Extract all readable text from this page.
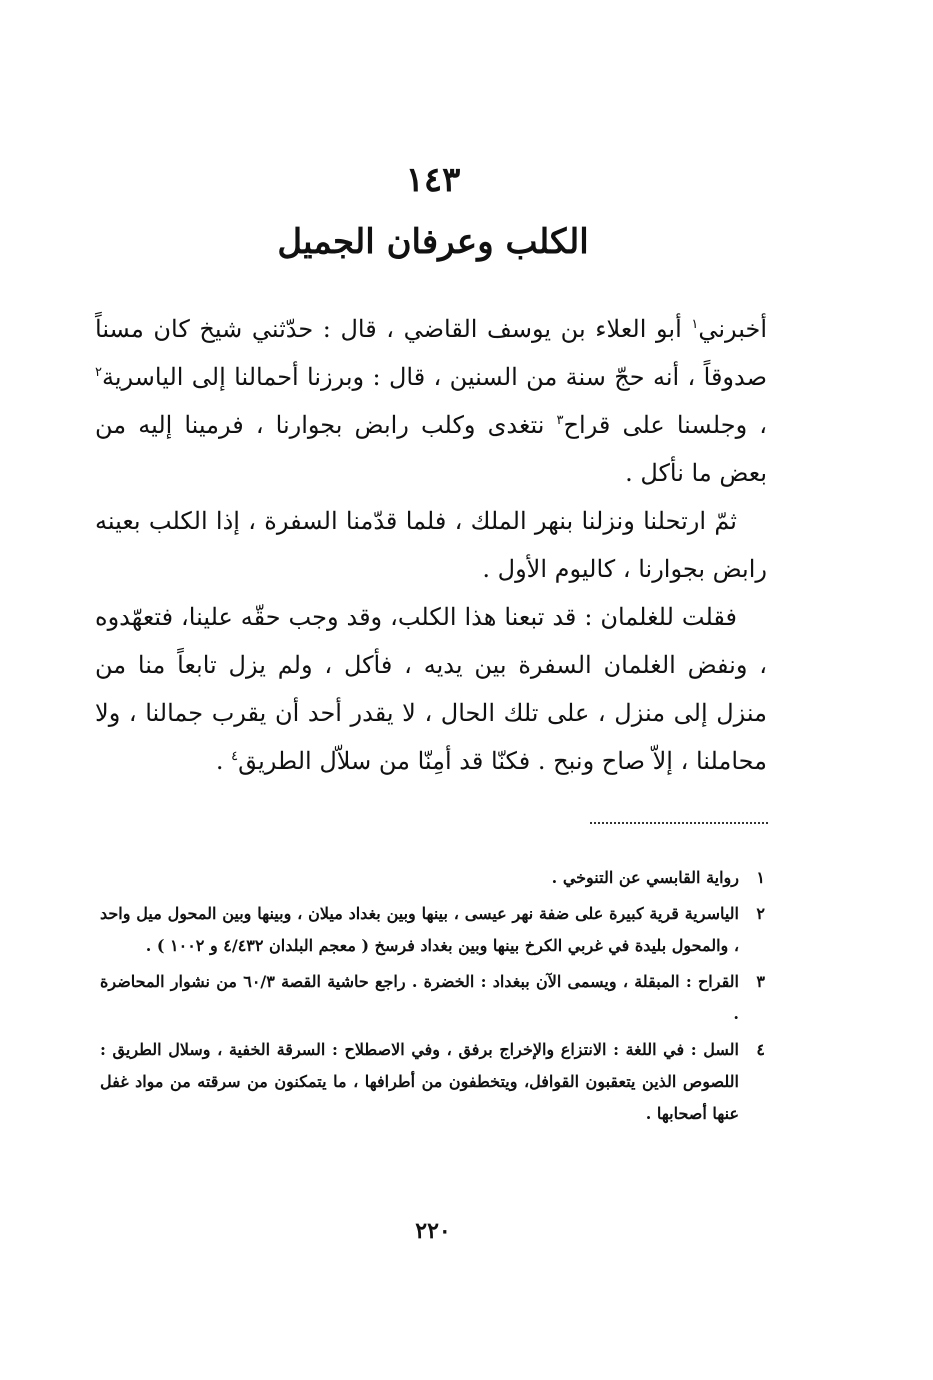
١٤٣
الكلب وعرفان الجميل

أخبرني$^١$ أبو العلاء بن يوسف القاضي ، قال : حدّثني شيخ كان مسناً صدوقاً ، أنه حجّ سنة من السنين ، قال : وبرزنا أحمالنا إلى الياسرية$^٢$ ، وجلسنا على قراح$^٣$ نتغدى وكلب رابض بجوارنا ، فرمينا إليه من بعض ما نأكل .

ثمّ ارتحلنا ونزلنا بنهر الملك ، فلما قدّمنا السفرة ، إذا الكلب بعينه رابض بجوارنا ، كاليوم الأول .

فقلت للغلمان : قد تبعنا هذا الكلب، وقد وجب حقّه علينا، فتعهّدوه ، ونفض الغلمان السفرة بين يديه ، فأكل ، ولم يزل تابعاً منا من منزل إلى منزل ، على تلك الحال ، لا يقدر أحد أن يقرب جمالنا ، ولا محاملنا ، إلاّ صاح ونبح . فكنّا قد أمِنّا من سلاّل الطريق$^٤$ .

١
رواية القابسي عن التنوخي .
٢
الياسرية قرية كبيرة على ضفة نهر عيسى ، بينها وبين بغداد ميلان ، وبينها وبين المحول ميل واحد ، والمحول بليدة في غربي الكرخ بينها وبين بغداد فرسخ ( معجم البلدان ٤/٤٣٢ و ١٠٠٢ ) .
٣
القراح : المبقلة ، ويسمى الآن ببغداد : الخضرة . راجع حاشية القصة ٦٠/٣ من نشوار المحاضرة .
٤
السل : في اللغة : الانتزاع والإخراج برفق ، وفي الاصطلاح : السرقة الخفية ، وسلال الطريق : اللصوص الذين يتعقبون القوافل، ويتخطفون من أطرافها ، ما يتمكنون من سرقته من مواد غفل عنها أصحابها .
٢٢٠
